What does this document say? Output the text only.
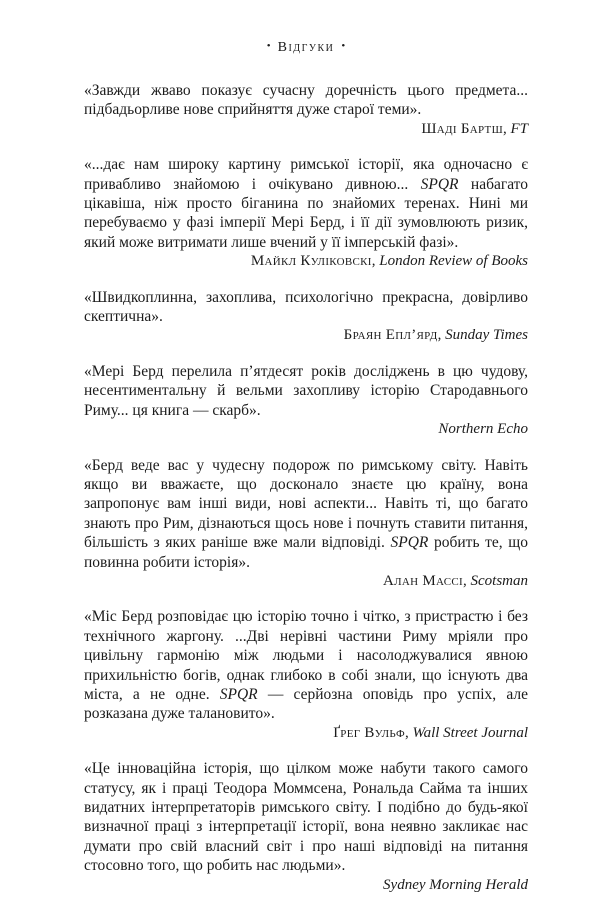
• Відгуки •

«Завжди жваво показує сучасну доречність цього предмета... підбадьорливе нове сприйняття дуже старої теми».

Шаді Бартш, FT

«...дає нам широку картину римської історії, яка одночасно є привабливо знайомою і очікувано дивною... SPQR набагато цікавіша, ніж просто біганина по знайомих теренах. Нині ми перебуваємо у фазі імперії Мері Берд, і її дії зумовлюють ризик, який може витримати лише вчений у її імперській фазі».

Майкл Куліковскі, London Review of Books

«Швидкоплинна, захоплива, психологічно прекрасна, довірливо скептична».

Браян Епл’ярд, Sunday Times

«Мері Берд перелила п’ятдесят років досліджень в цю чудову, несентиментальну й вельми захопливу історію Стародавнього Риму... ця книга — скарб».

Northern Echo

«Берд веде вас у чудесну подорож по римському світу. Навіть якщо ви вважаєте, що досконало знаєте цю країну, вона запропонує вам інші види, нові аспекти... Навіть ті, що багато знають про Рим, дізнаються щось нове і почнуть ставити питання, більшість з яких раніше вже мали відповіді. SPQR робить те, що повинна робити історія».

Алан Массі, Scotsman

«Міс Берд розповідає цю історію точно і чітко, з пристрастю і без технічного жаргону. ...Дві нерівні частини Риму мріяли про цивільну гармонію між людьми і насолоджувалися явною прихильністю богів, однак глибоко в собі знали, що існують два міста, а не одне. SPQR — серйозна оповідь про успіх, але розказана дуже талановито».

Ґрег Вульф, Wall Street Journal

«Це інноваційна історія, що цілком може набути такого самого статусу, як і праці Теодора Моммсена, Рональда Сайма та інших видатних інтерпретаторів римського світу. І подібно до будь-якої визначної праці з інтерпретації історії, вона неявно закликає нас думати про свій власний світ і про наші відповіді на питання стосовно того, що робить нас людьми».

Sydney Morning Herald
